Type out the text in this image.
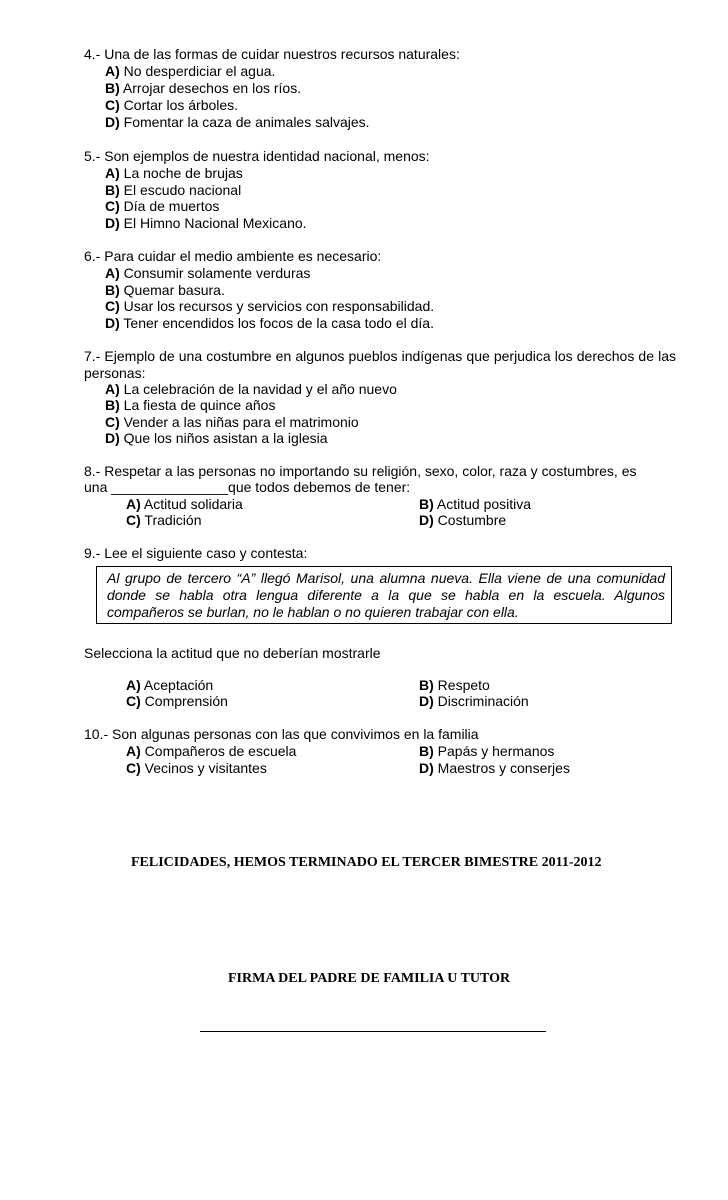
4.- Una de las formas de cuidar nuestros recursos naturales:
A) No desperdiciar el agua.
B) Arrojar desechos en los ríos.
C) Cortar los árboles.
D) Fomentar la caza de animales salvajes.
5.- Son ejemplos de nuestra identidad nacional, menos:
A) La noche de brujas
B) El escudo nacional
C) Día de muertos
D) El Himno Nacional Mexicano.
6.- Para cuidar el medio ambiente es necesario:
A) Consumir solamente verduras
B) Quemar basura.
C) Usar los recursos y servicios con responsabilidad.
D) Tener encendidos los focos de la casa todo el día.
7.- Ejemplo de una costumbre en algunos pueblos indígenas que perjudica los derechos de las personas:
A) La celebración de la navidad y el año nuevo
B) La fiesta de quince años
C) Vender a las niñas para el matrimonio
D) Que los niños asistan a la iglesia
8.- Respetar a las personas no importando su religión, sexo, color, raza y costumbres, es
una _______________que todos debemos de tener:
A) Actitud solidaria	B) Actitud positiva
C) Tradición	D) Costumbre
9.- Lee el siguiente caso y contesta:
Al grupo de tercero “A” llegó Marisol, una alumna nueva. Ella viene de una comunidad donde se habla otra lengua diferente a la que se habla en la escuela. Algunos compañeros se burlan, no le hablan o no quieren trabajar con ella.
Selecciona la actitud que no deberían mostrarle
A) Aceptación	B) Respeto
C) Comprensión	D) Discriminación
10.- Son algunas personas con las que convivimos en la familia
A) Compañeros de escuela	B) Papás y hermanos
C) Vecinos y visitantes	D) Maestros y conserjes
FELICIDADES, HEMOS TERMINADO EL TERCER BIMESTRE 2011-2012
FIRMA DEL PADRE DE FAMILIA U TUTOR
